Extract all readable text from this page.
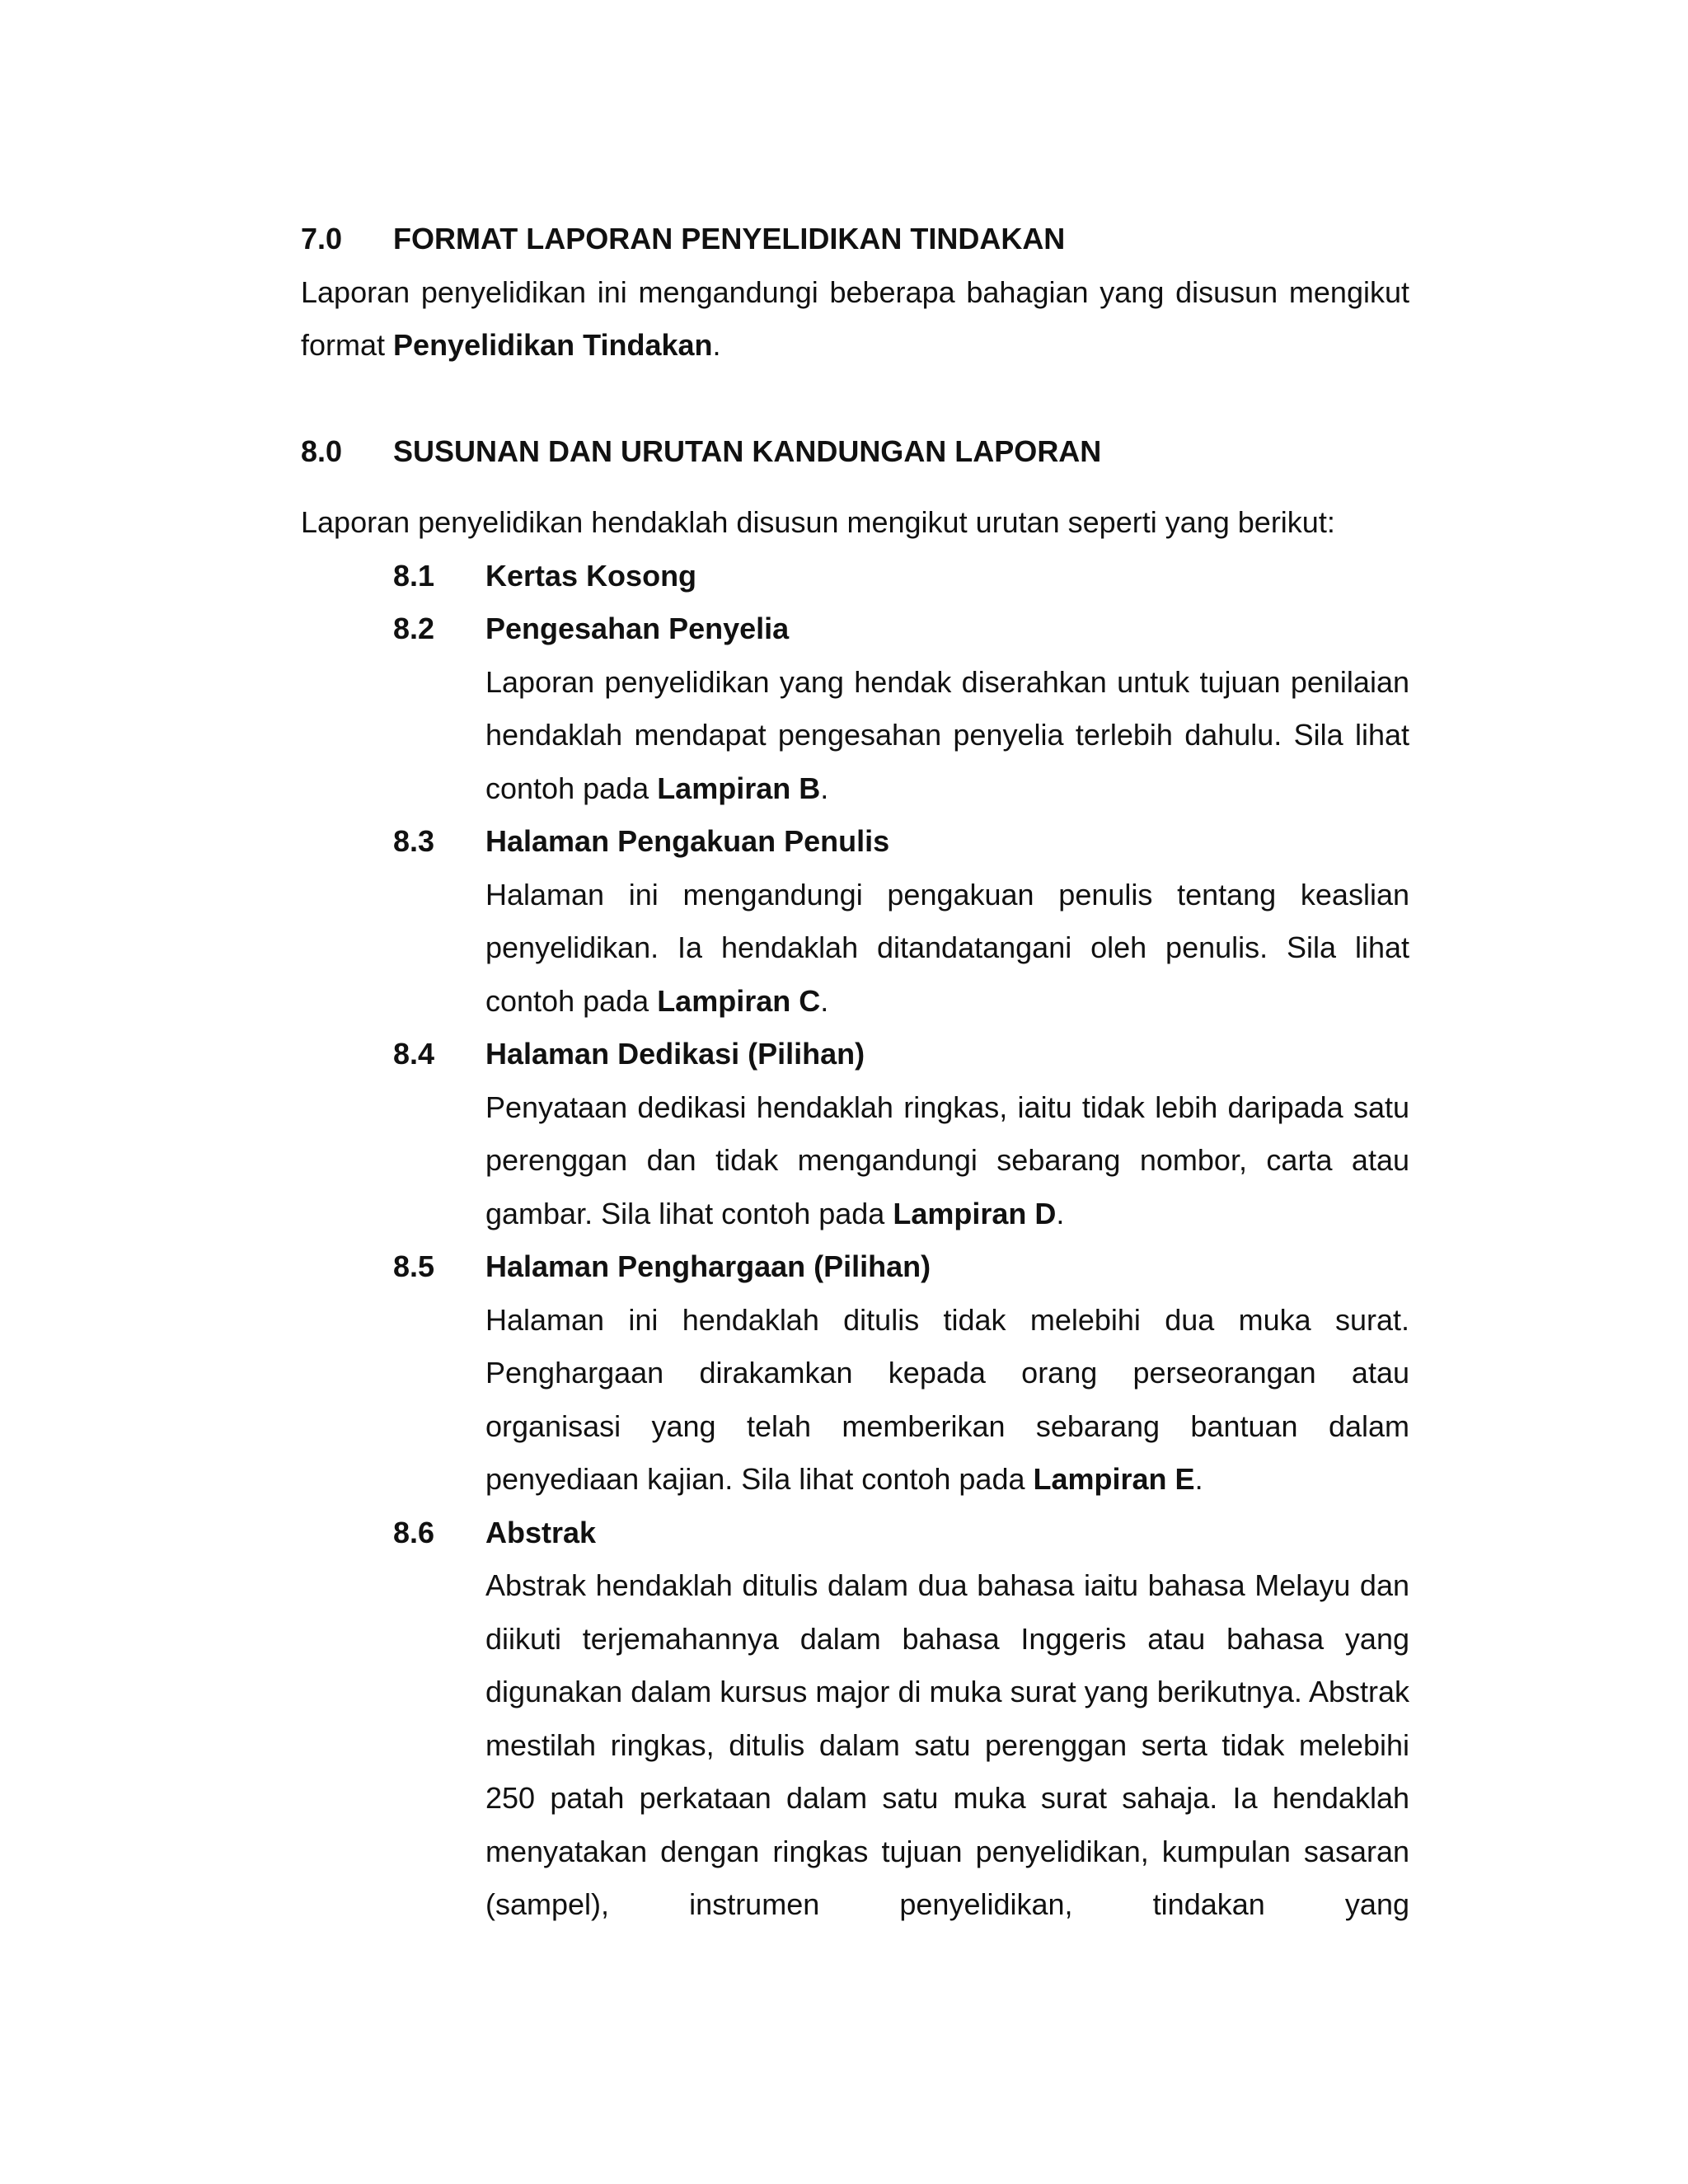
7.0	FORMAT LAPORAN PENYELIDIKAN TINDAKAN
Laporan penyelidikan ini mengandungi beberapa bahagian yang disusun mengikut format Penyelidikan Tindakan.
8.0	SUSUNAN DAN URUTAN KANDUNGAN LAPORAN
Laporan penyelidikan hendaklah disusun mengikut urutan seperti yang berikut:
8.1	Kertas Kosong
8.2	Pengesahan Penyelia
Laporan penyelidikan yang hendak diserahkan untuk tujuan penilaian hendaklah mendapat pengesahan penyelia terlebih dahulu. Sila lihat contoh pada Lampiran B.
8.3	Halaman Pengakuan Penulis
Halaman ini mengandungi pengakuan penulis tentang keaslian penyelidikan. Ia hendaklah ditandatangani oleh penulis. Sila lihat contoh pada Lampiran C.
8.4	Halaman Dedikasi (Pilihan)
Penyataan dedikasi hendaklah ringkas, iaitu tidak lebih daripada satu perenggan dan tidak mengandungi sebarang nombor, carta atau gambar. Sila lihat contoh pada Lampiran D.
8.5	Halaman Penghargaan (Pilihan)
Halaman ini hendaklah ditulis tidak melebihi dua muka surat. Penghargaan dirakamkan kepada orang perseorangan atau organisasi yang telah memberikan sebarang bantuan dalam penyediaan kajian. Sila lihat contoh pada Lampiran E.
8.6	Abstrak
Abstrak hendaklah ditulis dalam dua bahasa iaitu bahasa Melayu dan diikuti terjemahannya dalam bahasa Inggeris atau bahasa yang digunakan dalam kursus major di muka surat yang berikutnya. Abstrak mestilah ringkas, ditulis dalam satu perenggan serta tidak melebihi 250 patah perkataan dalam satu muka surat sahaja. Ia hendaklah menyatakan dengan ringkas tujuan penyelidikan, kumpulan sasaran (sampel), instrumen penyelidikan, tindakan yang
